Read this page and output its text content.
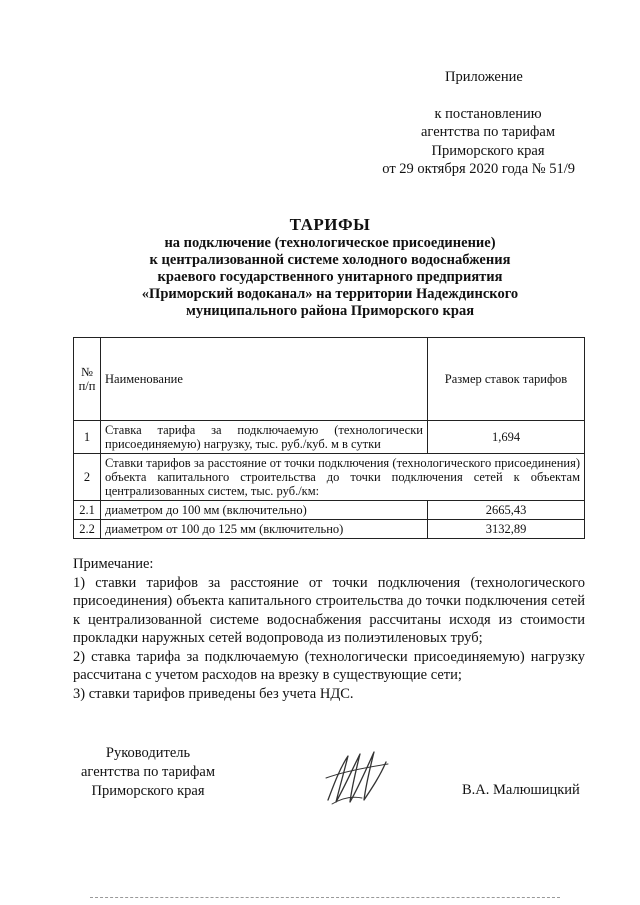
Приложение
к постановлению
агентства по тарифам
Приморского края
от 29 октября 2020 года № 51/9
ТАРИФЫ
на подключение (технологическое присоединение)
к централизованной системе холодного водоснабжения
краевого государственного унитарного предприятия
«Приморский водоканал» на территории Надеждинского
муниципального района Приморского края
№ п/п	Наименование	Размер ставок тарифов
1	Ставка тарифа за подключаемую (технологически присоединяемую) нагрузку, тыс. руб./куб. м в сутки	1,694
2	Ставки тарифов за расстояние от точки подключения (технологического присоединения) объекта капитального строительства до точки подключения сетей к объектам централизованных систем, тыс. руб./км:	
2.1	диаметром до 100 мм (включительно)	2665,43
2.2	диаметром от 100 до 125 мм (включительно)	3132,89

Примечание:

1) ставки тарифов за расстояние от точки подключения (технологического присоединения) объекта капитального строительства до точки подключения сетей к централизованной системе водоснабжения рассчитаны исходя из стоимости прокладки наружных сетей водопровода из полиэтиленовых труб;

2) ставка тарифа за подключаемую (технологически присоединяемую) нагрузку рассчитана с учетом расходов на врезку в существующие сети;

3) ставки тарифов приведены без учета НДС.

Руководитель
агентства по тарифам
Приморского края	В.А. Малюшицкий
